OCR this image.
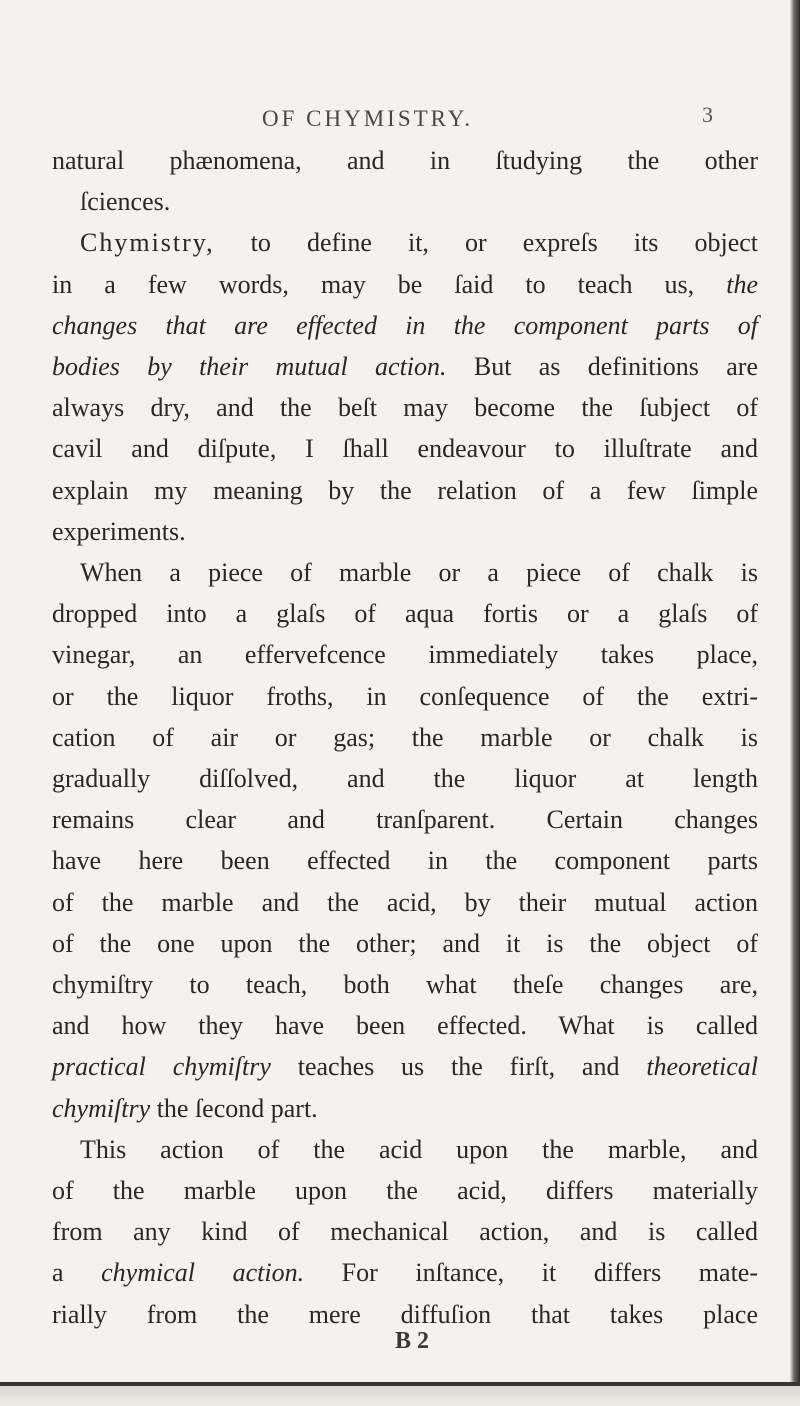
OF CHYMISTRY.	3
natural phænomena, and in ſtudying the other
ſciences.
Chymistry, to define it, or expreſs its object
in a few words, may be ſaid to teach us, the
changes that are effected in the component parts of
bodies by their mutual action. But as definitions are
always dry, and the beſt may become the ſubject of
cavil and diſpute, I ſhall endeavour to illuſtrate and
explain my meaning by the relation of a few ſimple
experiments.
When a piece of marble or a piece of chalk is
dropped into a glaſs of aqua fortis or a glaſs of
vinegar, an effervefcence immediately takes place,
or the liquor froths, in conſequence of the extri-
cation of air or gas; the marble or chalk is
gradually diſſolved, and the liquor at length
remains clear and tranſparent. Certain changes
have here been effected in the component parts
of the marble and the acid, by their mutual action
of the one upon the other; and it is the object of
chymiſtry to teach, both what theſe changes are,
and how they have been effected. What is called
practical chymiſtry teaches us the firſt, and theoretical
chymiſtry the ſecond part.
This action of the acid upon the marble, and
of the marble upon the acid, differs materially
from any kind of mechanical action, and is called
a chymical action. For inſtance, it differs mate-
rially from the mere diffuſion that takes place
B 2
